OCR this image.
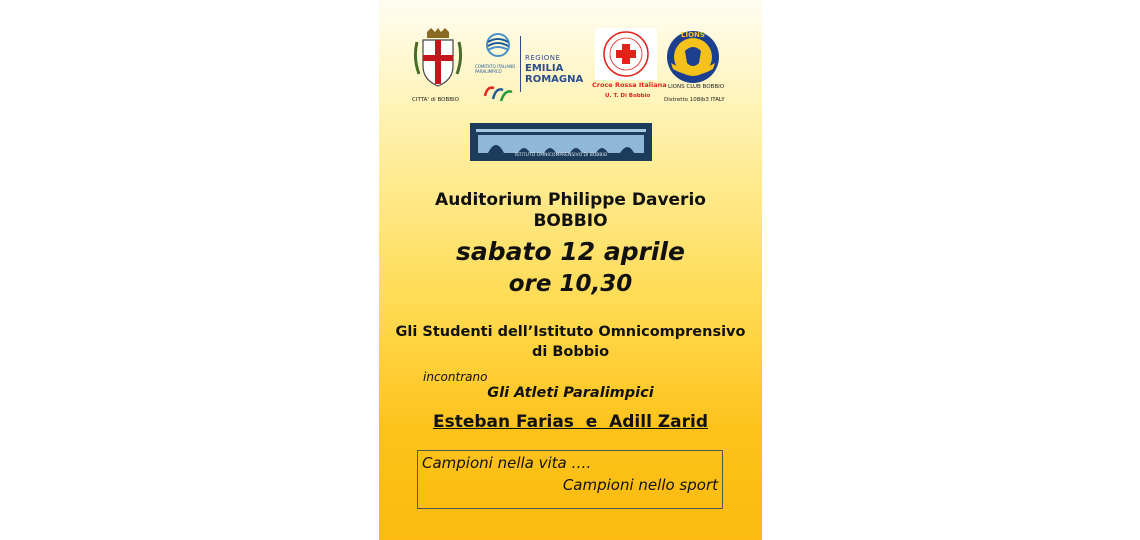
CITTA' di BOBBIO
COMITATO ITALIANO
PARALIMPICO
REGIONE
EMILIA
ROMAGNA Croce Rossa Italiana
U. T. Di Bobbio
LIONS
LIONS CLUB BOBBIO
Distretto 108Ib3 ITALY
ISTITUTO OMNICOMPRENSIVO DI BOBBIO
Auditorium Philippe Daverio
BOBBIO
sabato 12 aprile
ore 10,30
Gli Studenti dell’Istituto Omnicomprensivo
di Bobbio
incontrano
Gli Atleti Paralimpici
Esteban Farias  e  Adill Zarid
Campioni nella vita ….
Campioni nello sport
